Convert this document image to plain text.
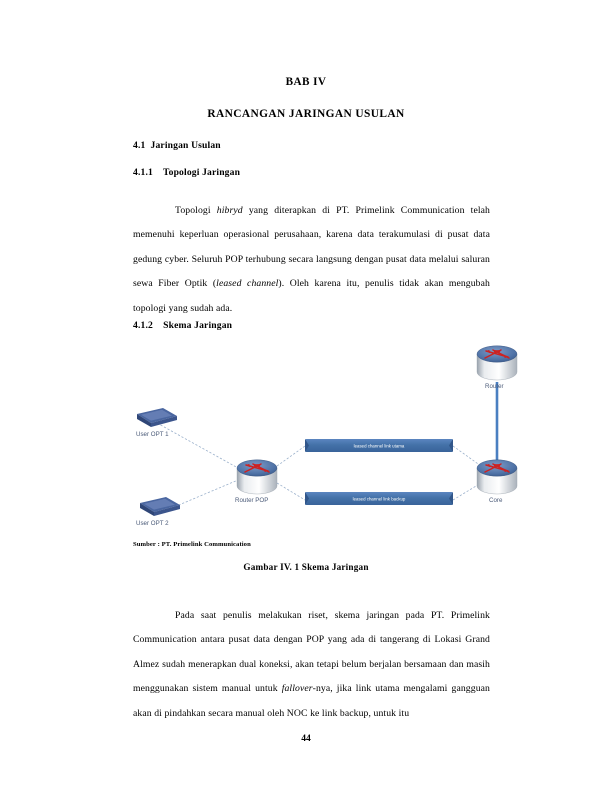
BAB IV
RANCANGAN JARINGAN USULAN
4.1  Jaringan Usulan
4.1.1    Topologi Jaringan

Topologi hibryd yang diterapkan di PT. Primelink Communication telah memenuhi keperluan operasional perusahaan, karena data terakumulasi di pusat data gedung cyber. Seluruh POP terhubung secara langsung dengan pusat data melalui saluran sewa Fiber Optik (leased channel). Oleh karena itu, penulis tidak akan mengubah topologi yang sudah ada.

4.1.2    Skema Jaringan
leased channel link utama
leased channel link backup
User OPT 1
User OPT 2
Router POP
Router
Core
Sumber : PT. Primelink Communication
Gambar IV. 1 Skema Jaringan

Pada saat penulis melakukan riset, skema jaringan pada PT. Primelink Communication antara pusat data dengan POP yang ada di tangerang di Lokasi Grand Almez sudah menerapkan dual koneksi, akan tetapi belum berjalan bersamaan dan masih menggunakan sistem manual untuk fallover-nya, jika link utama mengalami gangguan akan di pindahkan secara manual oleh NOC ke link backup, untuk itu

44
